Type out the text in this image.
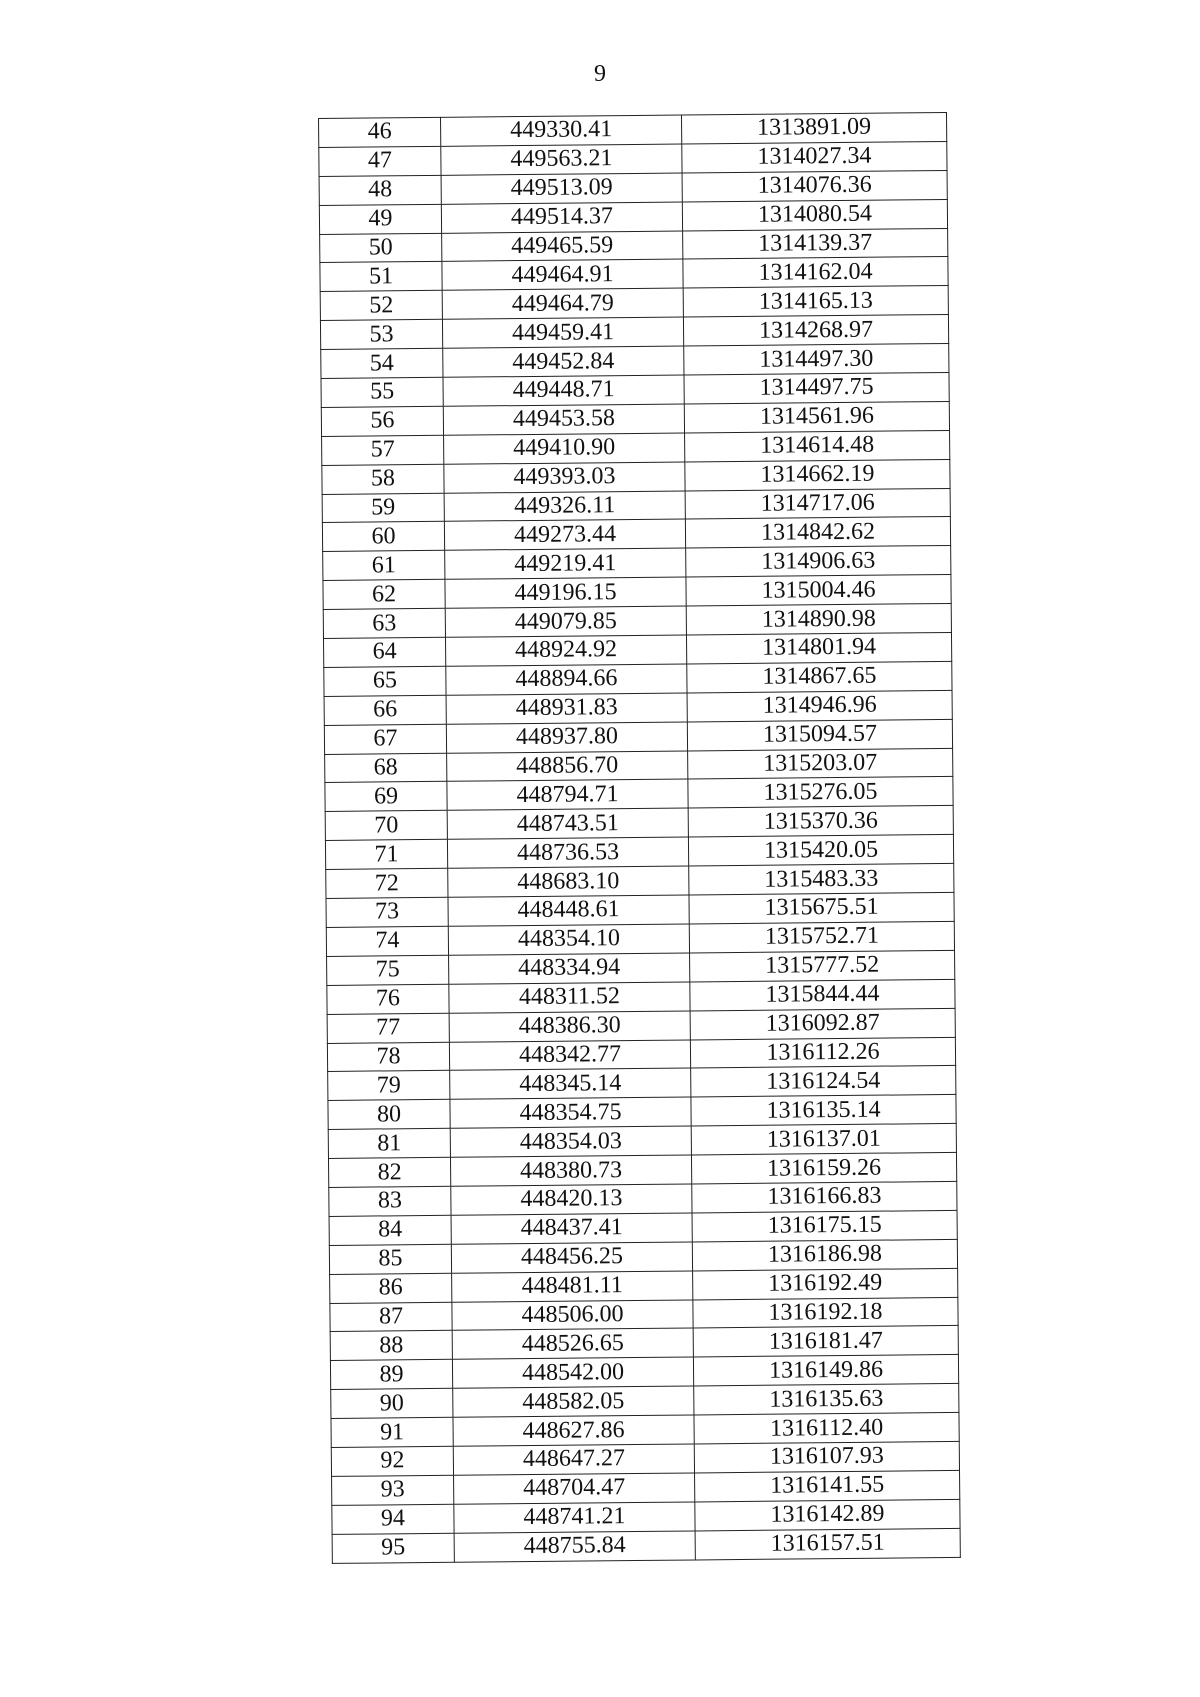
9
46	449330.41	1313891.09
47	449563.21	1314027.34
48	449513.09	1314076.36
49	449514.37	1314080.54
50	449465.59	1314139.37
51	449464.91	1314162.04
52	449464.79	1314165.13
53	449459.41	1314268.97
54	449452.84	1314497.30
55	449448.71	1314497.75
56	449453.58	1314561.96
57	449410.90	1314614.48
58	449393.03	1314662.19
59	449326.11	1314717.06
60	449273.44	1314842.62
61	449219.41	1314906.63
62	449196.15	1315004.46
63	449079.85	1314890.98
64	448924.92	1314801.94
65	448894.66	1314867.65
66	448931.83	1314946.96
67	448937.80	1315094.57
68	448856.70	1315203.07
69	448794.71	1315276.05
70	448743.51	1315370.36
71	448736.53	1315420.05
72	448683.10	1315483.33
73	448448.61	1315675.51
74	448354.10	1315752.71
75	448334.94	1315777.52
76	448311.52	1315844.44
77	448386.30	1316092.87
78	448342.77	1316112.26
79	448345.14	1316124.54
80	448354.75	1316135.14
81	448354.03	1316137.01
82	448380.73	1316159.26
83	448420.13	1316166.83
84	448437.41	1316175.15
85	448456.25	1316186.98
86	448481.11	1316192.49
87	448506.00	1316192.18
88	448526.65	1316181.47
89	448542.00	1316149.86
90	448582.05	1316135.63
91	448627.86	1316112.40
92	448647.27	1316107.93
93	448704.47	1316141.55
94	448741.21	1316142.89
95	448755.84	1316157.51
